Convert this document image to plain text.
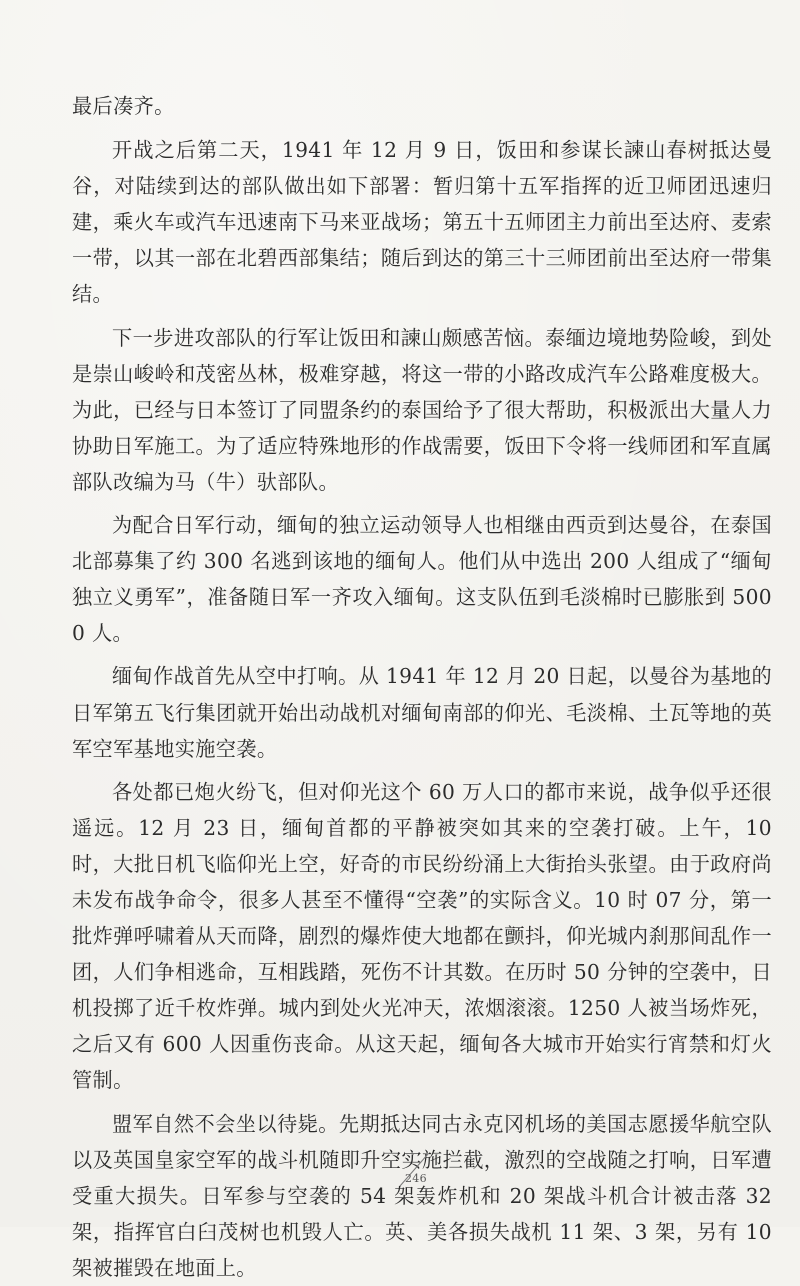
最后凑齐。

开战之后第二天，1941 年 12 月 9 日，饭田和参谋长諫山春树抵达曼谷，对陆续到达的部队做出如下部署：暂归第十五军指挥的近卫师团迅速归建，乘火车或汽车迅速南下马来亚战场；第五十五师团主力前出至达府、麦索一带，以其一部在北碧西部集结；随后到达的第三十三师团前出至达府一带集结。

下一步进攻部队的行军让饭田和諫山颇感苦恼。泰缅边境地势险峻，到处是崇山峻岭和茂密丛林，极难穿越，将这一带的小路改成汽车公路难度极大。为此，已经与日本签订了同盟条约的泰国给予了很大帮助，积极派出大量人力协助日军施工。为了适应特殊地形的作战需要，饭田下令将一线师团和军直属部队改编为马（牛）驮部队。

为配合日军行动，缅甸的独立运动领导人也相继由西贡到达曼谷，在泰国北部募集了约 300 名逃到该地的缅甸人。他们从中选出 200 人组成了“缅甸独立义勇军”，准备随日军一齐攻入缅甸。这支队伍到毛淡棉时已膨胀到 5000 人。

缅甸作战首先从空中打响。从 1941 年 12 月 20 日起，以曼谷为基地的日军第五飞行集团就开始出动战机对缅甸南部的仰光、毛淡棉、土瓦等地的英军空军基地实施空袭。

各处都已炮火纷飞，但对仰光这个 60 万人口的都市来说，战争似乎还很遥远。12 月 23 日，缅甸首都的平静被突如其来的空袭打破。上午，10 时，大批日机飞临仰光上空，好奇的市民纷纷涌上大街抬头张望。由于政府尚未发布战争命令，很多人甚至不懂得“空袭”的实际含义。10 时 07 分，第一批炸弹呼啸着从天而降，剧烈的爆炸使大地都在颤抖，仰光城内刹那间乱作一团，人们争相逃命，互相践踏，死伤不计其数。在历时 50 分钟的空袭中，日机投掷了近千枚炸弹。城内到处火光冲天，浓烟滚滚。1250 人被当场炸死，之后又有 600 人因重伤丧命。从这天起，缅甸各大城市开始实行宵禁和灯火管制。

盟军自然不会坐以待毙。先期抵达同古永克冈机场的美国志愿援华航空队以及英国皇家空军的战斗机随即升空实施拦截，激烈的空战随之打响，日军遭受重大损失。日军参与空袭的 54 架轰炸机和 20 架战斗机合计被击落 32 架，指挥官白臼茂树也机毁人亡。英、美各损失战机 11 架、3 架，另有 10 架被摧毁在地面上。

246
